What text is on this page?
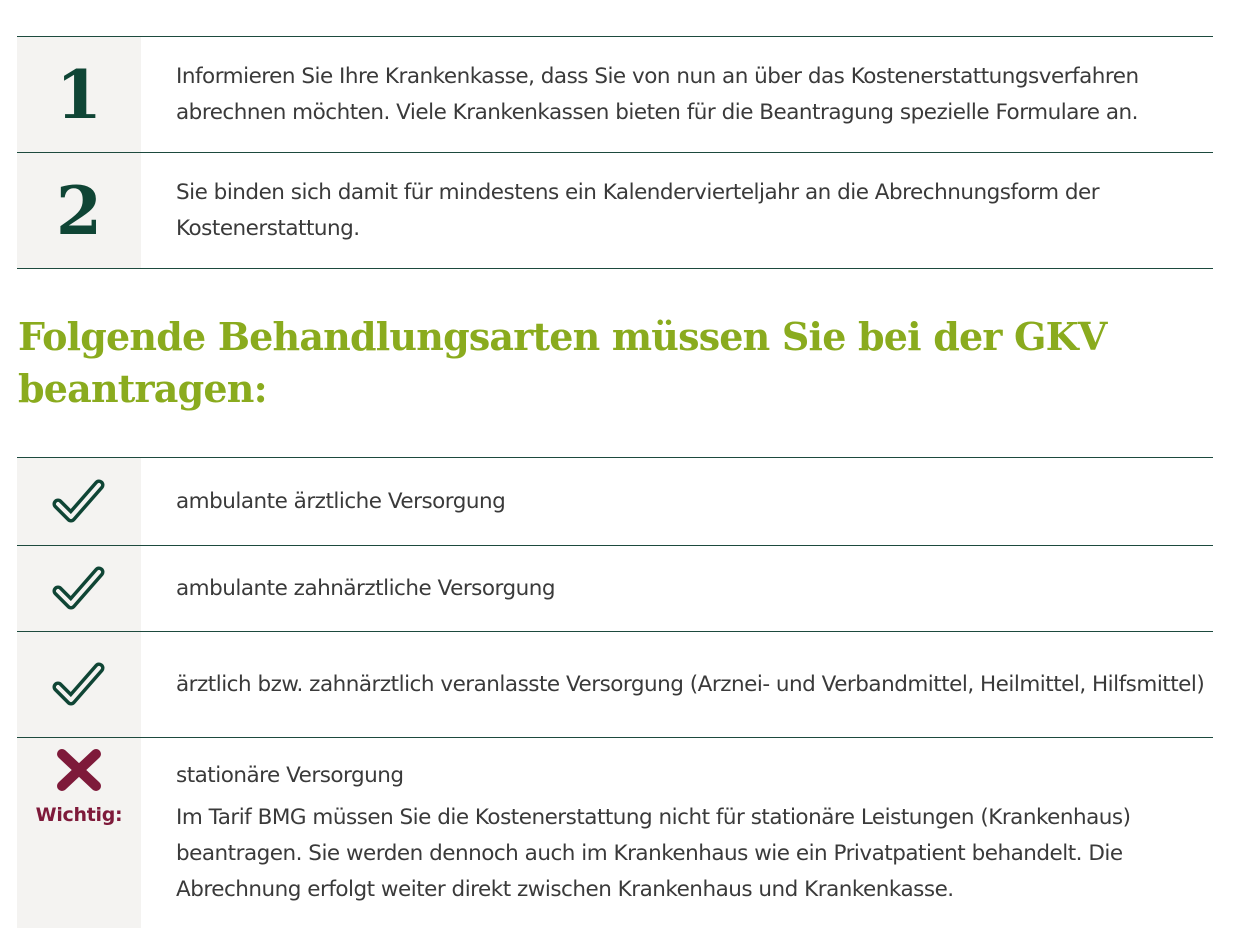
1	Informieren Sie Ihre Krankenkasse, dass Sie von nun an über das Kostenerstattungsverfahren abrechnen möchten. Viele Krankenkassen bieten für die Beantragung spezielle Formulare an.
2	Sie binden sich damit für mindestens ein Kalendervierteljahr an die Abrechnungsform der Kostenerstattung.
Folgende Behandlungsarten müssen Sie bei der GKV beantragen:
ambulante ärztliche Versorgung
ambulante zahnärztliche Versorgung
ärztlich bzw. zahnärztlich veranlasste Versorgung (Arznei- und Verbandmittel, Heilmittel, Hilfsmittel)
Wichtig:
stationäre Versorgung
Im Tarif BMG müssen Sie die Kostenerstattung nicht für stationäre Leistungen (Krankenhaus) beantragen. Sie werden dennoch auch im Krankenhaus wie ein Privatpatient behandelt. Die Abrechnung erfolgt weiter direkt zwischen Krankenhaus und Krankenkasse.
